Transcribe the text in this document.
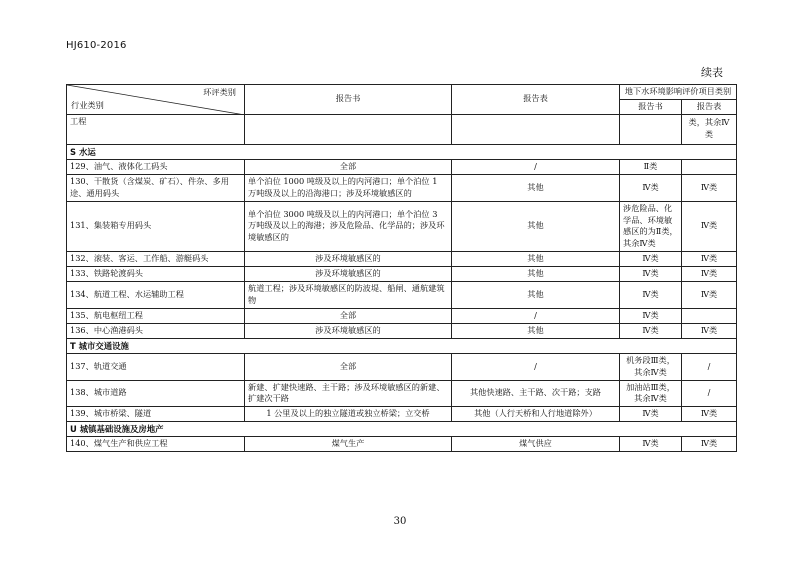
HJ610-2016
续表
环评类别
行业类别	报告书	报告表	地下水环境影响评价项目类别	
			报告书	报告表
工程				类，其余Ⅳ类
S 水运				
129、油气、液体化工码头	全部	/	Ⅱ类	
130、干散货（含煤炭、矿石）、件杂、多用途、通用码头	单个泊位 1000 吨级及以上的内河港口；单个泊位 1 万吨级及以上的沿海港口；涉及环境敏感区的	其他	Ⅳ类	Ⅳ类
131、集装箱专用码头	单个泊位 3000 吨级及以上的内河港口；单个泊位 3 万吨级及以上的海港；涉及危险品、化学品的；涉及环境敏感区的	其他	涉危险品、化学品、环境敏感区的为Ⅱ类，其余Ⅳ类	Ⅳ类
132、滚装、客运、工作船、游艇码头	涉及环境敏感区的	其他	Ⅳ类	Ⅳ类
133、铁路轮渡码头	涉及环境敏感区的	其他	Ⅳ类	Ⅳ类
134、航道工程、水运辅助工程	航道工程；涉及环境敏感区的防波堤、船闸、通航建筑物	其他	Ⅳ类	Ⅳ类
135、航电枢纽工程	全部	/	Ⅳ类	
136、中心渔港码头	涉及环境敏感区的	其他	Ⅳ类	Ⅳ类
T 城市交通设施				
137、轨道交通	全部	/	机务段Ⅲ类，其余Ⅳ类	/
138、城市道路	新建、扩建快速路、主干路；涉及环境敏感区的新建、扩建次干路	其他快速路、主干路、次干路；支路	加油站Ⅲ类，其余Ⅳ类	/
139、城市桥梁、隧道	1 公里及以上的独立隧道或独立桥梁；立交桥	其他（人行天桥和人行地道除外）	Ⅳ类	Ⅳ类
U 城镇基础设施及房地产				
140、煤气生产和供应工程	煤气生产	煤气供应	Ⅳ类	Ⅳ类
30
